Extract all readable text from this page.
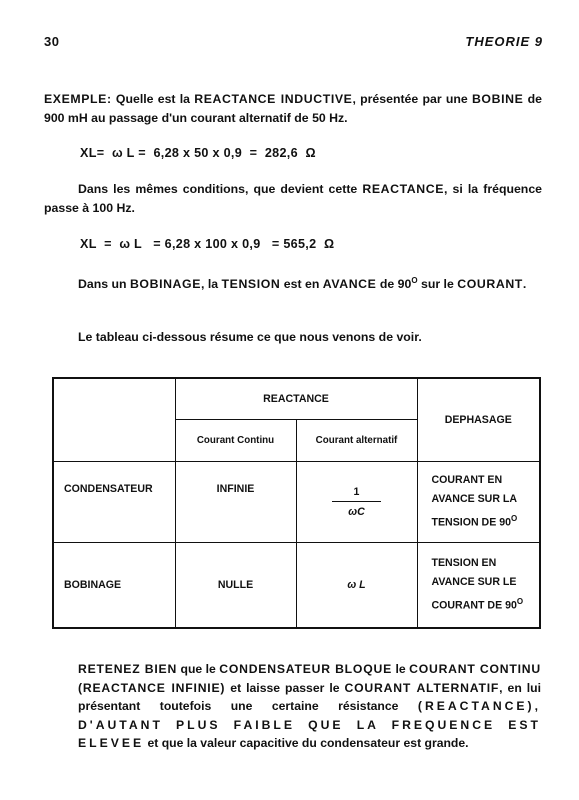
30	THEORIE 9
EXEMPLE: Quelle est la REACTANCE INDUCTIVE, présentée par une BOBINE de 900 mH au passage d'un courant alternatif de 50 Hz.
XL=  ω L =  6,28 x 50 x 0,9  =  282,6  Ω
Dans les mêmes conditions, que devient cette REACTANCE, si la fréquence passe à 100 Hz.
XL  =  ω L   = 6,28 x 100 x 0,9   = 565,2  Ω
Dans un BOBINAGE, la TENSION est en AVANCE de $90^O$ sur le COURANT.
Le tableau ci-dessous résume ce que nous venons de voir.
	REACTANCE		DEPHASAGE
	Courant Continu	Courant alternatif	
CONDENSATEUR	INFINIE	$\frac{1}{\omega C}$	COURANT EN
AVANCE SUR LA
TENSION DE $90^O$
BOBINAGE	NULLE	ω L	TENSION EN
AVANCE SUR LE
COURANT DE $90^O$
RETENEZ BIEN que le CONDENSATEUR BLOQUE le COURANT CONTINU (REACTANCE INFINIE) et laisse passer le COURANT ALTERNATIF, en lui présentant toutefois une certaine résistance (REACTANCE), D'AUTANT PLUS FAIBLE QUE LA FREQUENCE EST ELEVEE et que la valeur capacitive du condensateur est grande.
